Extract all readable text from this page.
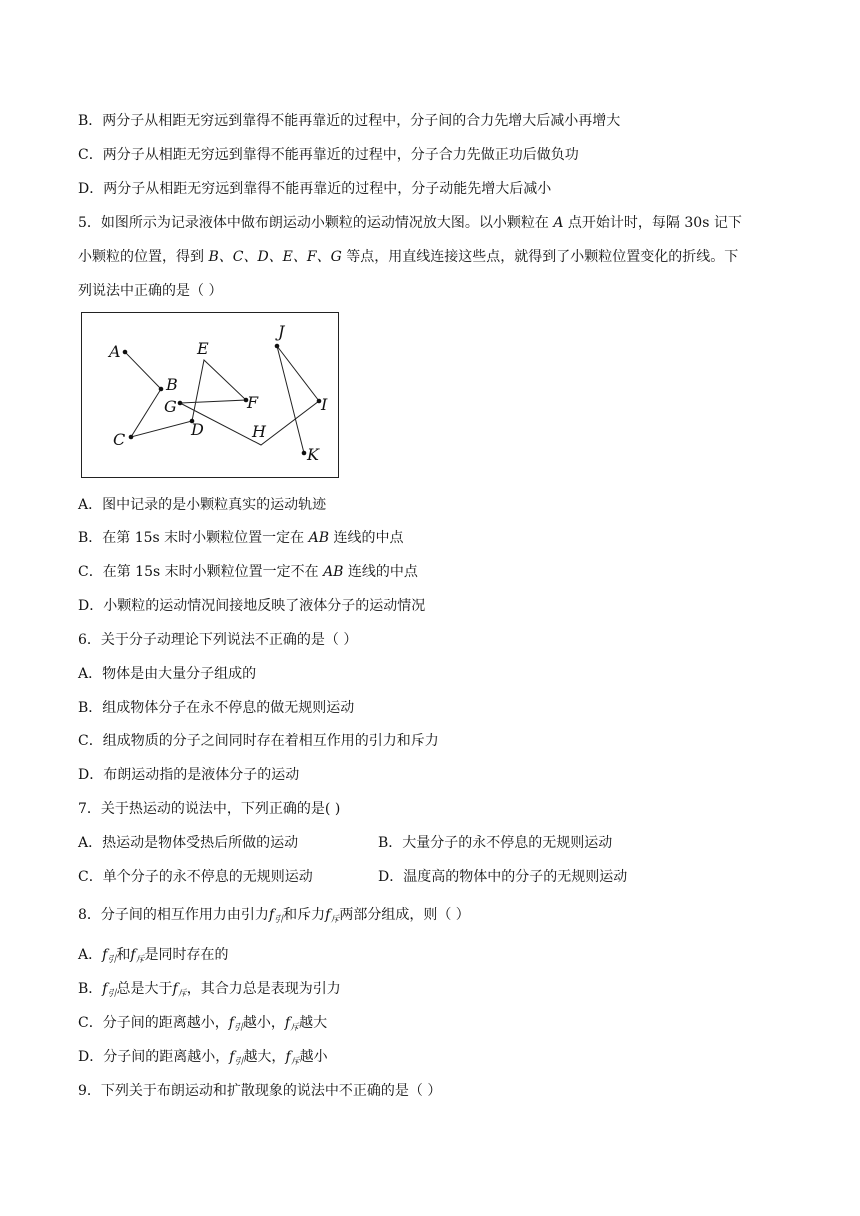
B．两分子从相距无穷远到靠得不能再靠近的过程中，分子间的合力先增大后减小再增大
C．两分子从相距无穷远到靠得不能再靠近的过程中，分子合力先做正功后做负功
D．两分子从相距无穷远到靠得不能再靠近的过程中，分子动能先增大后减小
5．如图所示为记录液体中做布朗运动小颗粒的运动情况放大图。以小颗粒在 A 点开始计时，每隔 30s 记下
小颗粒的位置，得到 B、C、D、E、F、G 等点，用直线连接这些点，就得到了小颗粒位置变化的折线。下
列说法中正确的是（ ）
A
B
C
D
E
F
G
H
I
J
K
A．图中记录的是小颗粒真实的运动轨迹
B．在第 15s 末时小颗粒位置一定在 AB 连线的中点
C．在第 15s 末时小颗粒位置一定不在 AB 连线的中点
D．小颗粒的运动情况间接地反映了液体分子的运动情况
6．关于分子动理论下列说法不正确的是（ ）
A．物体是由大量分子组成的
B．组成物体分子在永不停息的做无规则运动
C．组成物质的分子之间同时存在着相互作用的引力和斥力
D．布朗运动指的是液体分子的运动
7．关于热运动的说法中，下列正确的是( )
A．热运动是物体受热后所做的运动	B．大量分子的永不停息的无规则运动
C．单个分子的永不停息的无规则运动	D．温度高的物体中的分子的无规则运动
8．分子间的相互作用力由引力$f_引$和斥力$f_斥$两部分组成，则（ ）
A．$f_引$和$f_斥$是同时存在的
B．$f_引$总是大于$f_斥$，其合力总是表现为引力
C．分子间的距离越小，$f_引$越小，$f_斥$越大
D．分子间的距离越小，$f_引$越大，$f_斥$越小
9．下列关于布朗运动和扩散现象的说法中不正确的是（ ）
